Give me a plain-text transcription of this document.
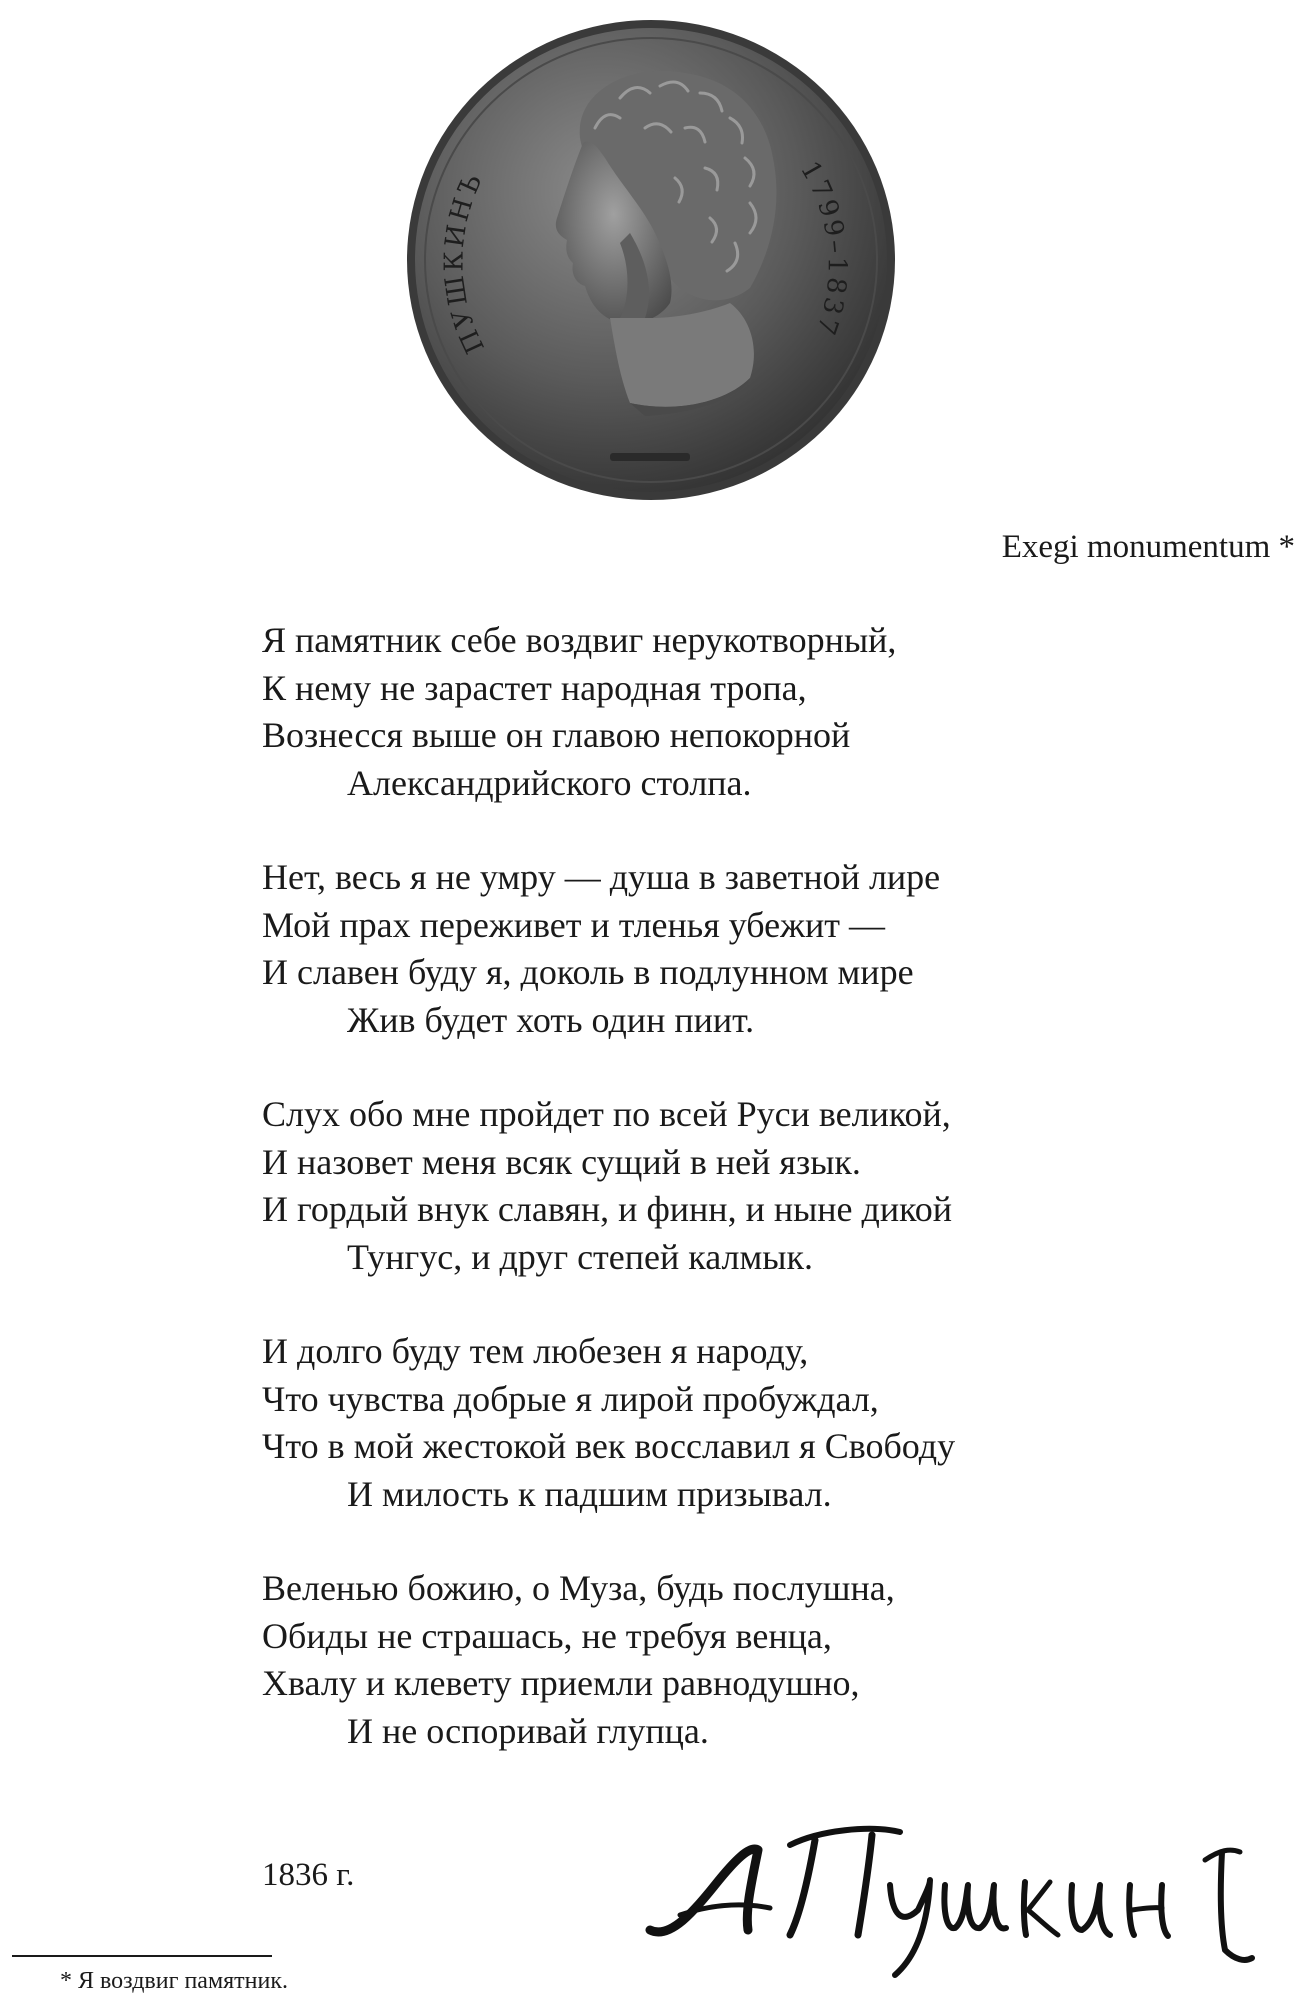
ПУШКИНЪ	1799–1837
Exegi monumentum *
Я памятник себе воздвиг нерукотворный,
К нему не зарастет народная тропа,
Вознесся выше он главою непокорной
Александрийского столпа.
Нет, весь я не умру — душа в заветной лире
Мой прах переживет и тленья убежит —
И славен буду я, доколь в подлунном мире
Жив будет хоть один пиит.
Слух обо мне пройдет по всей Руси великой,
И назовет меня всяк сущий в ней язык.
И гордый внук славян, и финн, и ныне дикой
Тунгус, и друг степей калмык.
И долго буду тем любезен я народу,
Что чувства добрые я лирой пробуждал,
Что в мой жестокой век восславил я Свободу
И милость к падшим призывал.
Веленью божию, о Муза, будь послушна,
Обиды не страшась, не требуя венца,
Хвалу и клевету приемли равнодушно,
И не оспоривай глупца.
1836 г.
* Я воздвиг памятник.
